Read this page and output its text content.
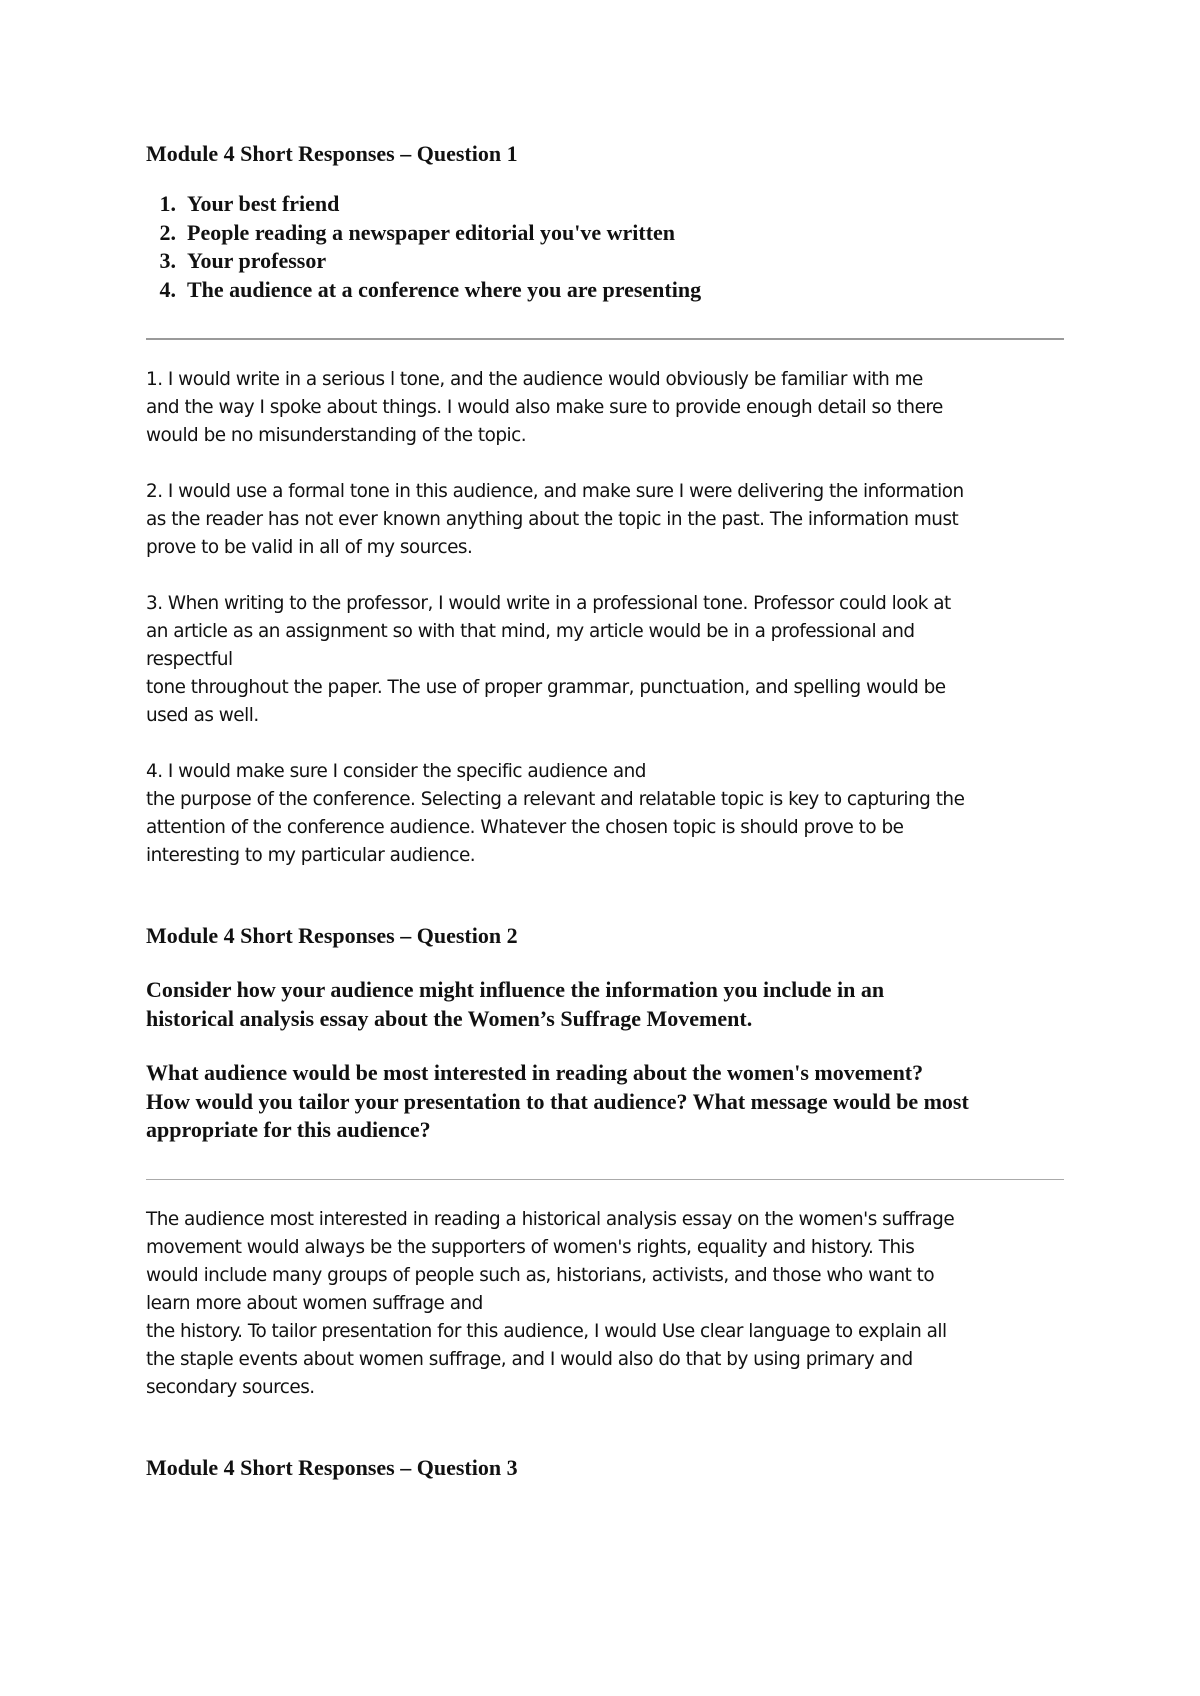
Module 4 Short Responses – Question 1
1. Your best friend
2. People reading a newspaper editorial you've written
3. Your professor
4. The audience at a conference where you are presenting

1. I would write in a serious l tone, and the audience would obviously be familiar with me
and the way I spoke about things. I would also make sure to provide enough detail so there
would be no misunderstanding of the topic.

2. I would use a formal tone in this audience, and make sure I were delivering the information
as the reader has not ever known anything about the topic in the past. The information must
prove to be valid in all of my sources.

3. When writing to the professor, I would write in a professional tone. Professor could look at
an article as an assignment so with that mind, my article would be in a professional and
respectful
tone throughout the paper. The use of proper grammar, punctuation, and spelling would be
used as well.

4. I would make sure I consider the specific audience and
the purpose of the conference. Selecting a relevant and relatable topic is key to capturing the
attention of the conference audience. Whatever the chosen topic is should prove to be
interesting to my particular audience.

Module 4 Short Responses – Question 2

Consider how your audience might influence the information you include in an
historical analysis essay about the Women’s Suffrage Movement.

What audience would be most interested in reading about the women's movement?
How would you tailor your presentation to that audience? What message would be most
appropriate for this audience?

The audience most interested in reading a historical analysis essay on the women's suffrage
movement would always be the supporters of women's rights, equality and history. This
would include many groups of people such as, historians, activists, and those who want to
learn more about women suffrage and
the history. To tailor presentation for this audience, I would Use clear language to explain all
the staple events about women suffrage, and I would also do that by using primary and
secondary sources.

Module 4 Short Responses – Question 3
